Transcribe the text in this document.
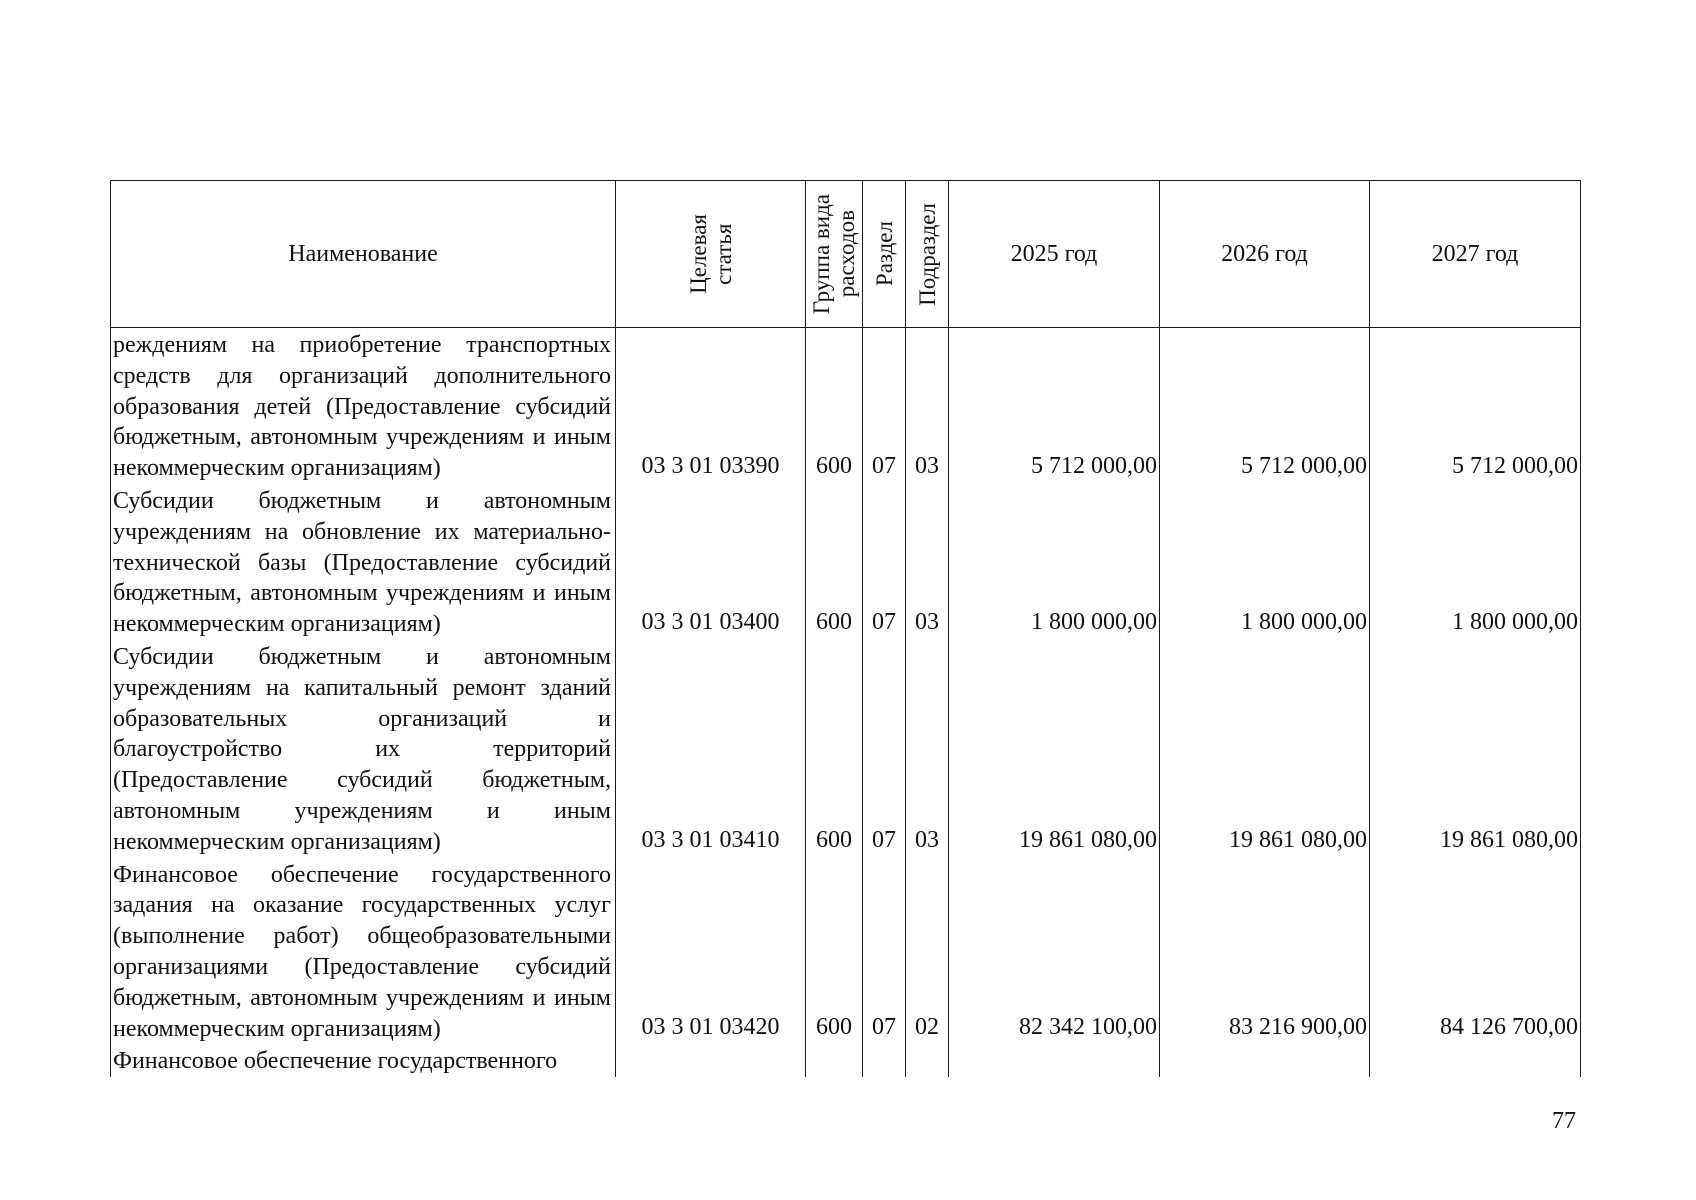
Наименование	Целевая статья	Группа вида расходов	Раздел	Подраздел	2025 год	2026 год	2027 год
реждениям на приобретение транспортных средств для организаций дополнительного образования детей (Предоставление субсидий бюджетным, автономным учреждениям и иным некоммерческим организациям)	03 3 01 03390	600	07	03	5 712 000,00	5 712 000,00	5 712 000,00
Субсидии бюджетным и автономным учреждениям на обновление их материально-технической базы (Предоставление субсидий бюджетным, автономным учреждениям и иным некоммерческим организациям)	03 3 01 03400	600	07	03	1 800 000,00	1 800 000,00	1 800 000,00
Субсидии бюджетным и автономным учреждениям на капитальный ремонт зданий образовательных организаций и благоустройство их территорий (Предоставление субсидий бюджетным, автономным учреждениям и иным некоммерческим организациям)	03 3 01 03410	600	07	03	19 861 080,00	19 861 080,00	19 861 080,00
Финансовое обеспечение государственного задания на оказание государственных услуг (выполнение работ) общеобразовательными организациями (Предоставление субсидий бюджетным, автономным учреждениям и иным некоммерческим организациям)	03 3 01 03420	600	07	02	82 342 100,00	83 216 900,00	84 126 700,00
Финансовое обеспечение государственного							
77
